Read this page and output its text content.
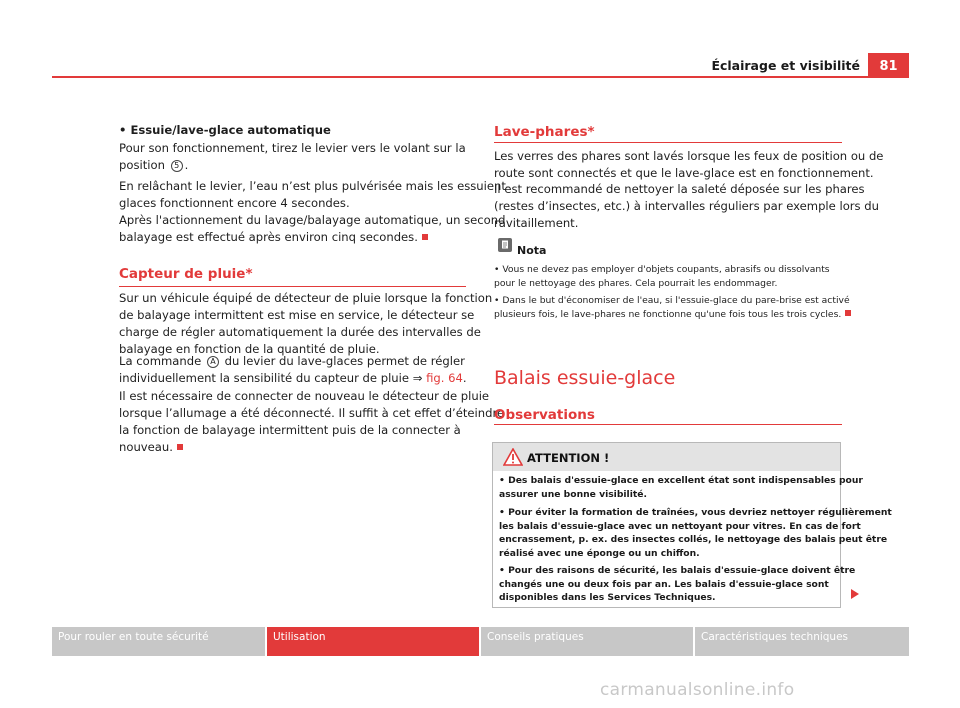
Éclairage et visibilité	81
• Essuie/lave-glace automatique
Pour son fonctionnement, tirez le levier vers le volant sur la
position 5 .
En relâchant le levier, l’eau n’est plus pulvérisée mais les essuient-
glaces fonctionnent encore 4 secondes.
Après l'actionnement du lavage/balayage automatique, un second
balayage est effectué après environ cinq secondes.
Capteur de pluie*
Sur un véhicule équipé de détecteur de pluie lorsque la fonction
de balayage intermittent est mise en service, le détecteur se
charge de régler automatiquement la durée des intervalles de
balayage en fonction de la quantité de pluie.
La commande A du levier du lave-glaces permet de régler
individuellement la sensibilité du capteur de pluie ⇒ fig. 64.
Il est nécessaire de connecter de nouveau le détecteur de pluie
lorsque l’allumage a été déconnecté. Il suffit à cet effet d’éteindre
la fonction de balayage intermittent puis de la connecter à
nouveau.
Lave-phares*
Les verres des phares sont lavés lorsque les feux de position ou de
route sont connectés et que le lave-glace est en fonctionnement.
Il est recommandé de nettoyer la saleté déposée sur les phares
(restes d’insectes, etc.) à intervalles réguliers par exemple lors du
ravitaillement.
Nota
• Vous ne devez pas employer d'objets coupants, abrasifs ou dissolvants
pour le nettoyage des phares. Cela pourrait les endommager.
• Dans le but d'économiser de l'eau, si l'essuie-glace du pare-brise est activé
plusieurs fois, le lave-phares ne fonctionne qu'une fois tous les trois cycles.
Balais essuie-glace
Observations
ATTENTION !
• Des balais d'essuie-glace en excellent état sont indispensables pour
assurer une bonne visibilité.
• Pour éviter la formation de traînées, vous devriez nettoyer régulièrement
les balais d'essuie-glace avec un nettoyant pour vitres. En cas de fort
encrassement, p. ex. des insectes collés, le nettoyage des balais peut être
réalisé avec une éponge ou un chiffon.
• Pour des raisons de sécurité, les balais d'essuie-glace doivent être
changés une ou deux fois par an. Les balais d'essuie-glace sont
disponibles dans les Services Techniques.
Pour rouler en toute sécurité	Utilisation	Conseils pratiques	Caractéristiques techniques
carmanualsonline.info
